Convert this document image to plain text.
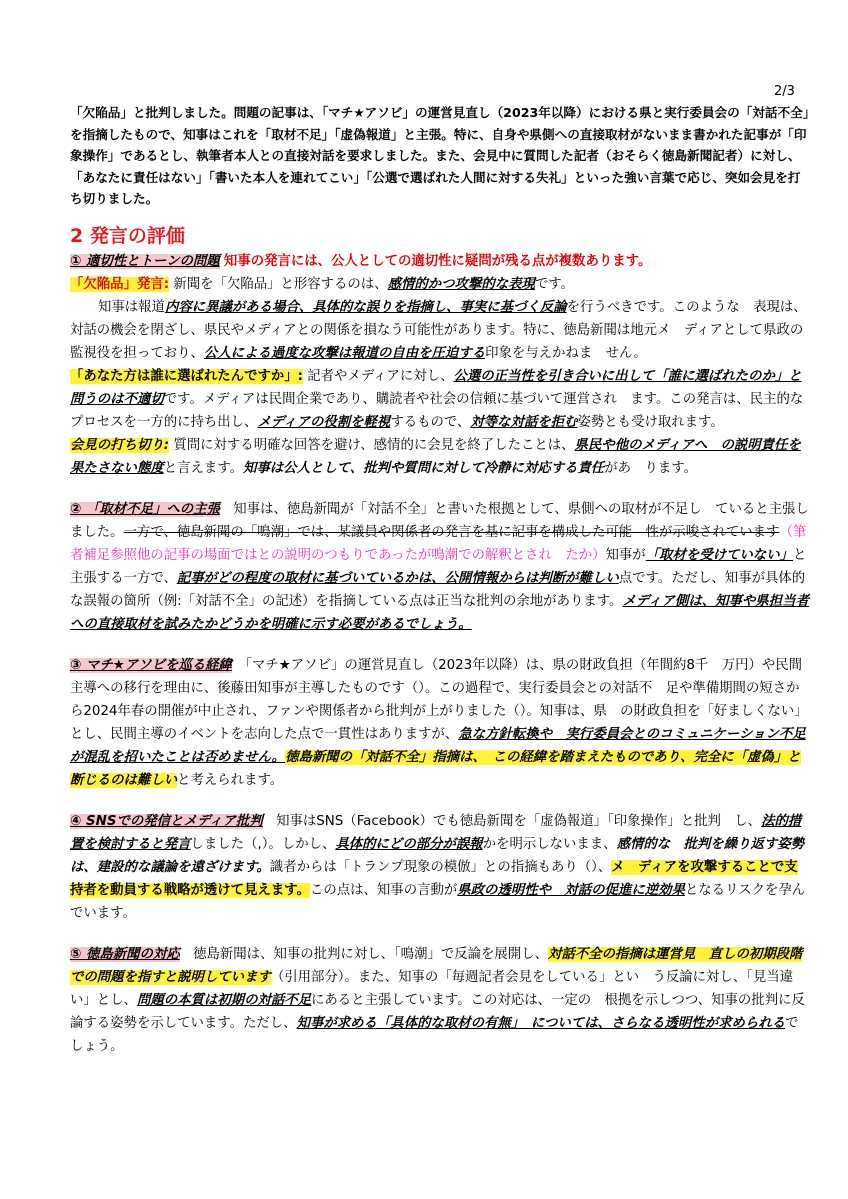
2/3

「欠陥品」と批判しました。問題の記事は、「マチ★アソビ」の運営見直し（2023年以降）における県と実行委員会の「対話不全」を指摘したもので、知事はこれを「取材不足」「虚偽報道」と主張。特に、自身や県側への直接取材がないまま書かれた記事が「印象操作」であるとし、執筆者本人との直接対話を要求しました。また、会見中に質問した記者（おそらく徳島新聞記者）に対し、「あなたに責任はない」「書いた本人を連れてこい」「公選で選ばれた人間に対する失礼」といった強い言葉で応じ、突如会見を打ち切りました。

2 発言の評価

① 適切性とトーンの問題 知事の発言には、公人としての適切性に疑問が残る点が複数あります。

「欠陥品」発言: 新聞を「欠陥品」と形容するのは、感情的かつ攻撃的な表現です。

知事は報道内容に異議がある場合、具体的な誤りを指摘し、事実に基づく反論を行うべきです。このような　表現は、対話の機会を閉ざし、県民やメディアとの関係を損なう可能性があります。特に、徳島新聞は地元メ　ディアとして県政の監視役を担っており、公人による過度な攻撃は報道の自由を圧迫する印象を与えかねま　せん。

「あなた方は誰に選ばれたんですか」: 記者やメディアに対し、公選の正当性を引き合いに出して「誰に選ばれたのか」と問うのは不適切です。メディアは民間企業であり、購読者や社会の信頼に基づいて運営され　ます。この発言は、民主的なプロセスを一方的に持ち出し、メディアの役割を軽視するもので、対等な対話を拒む姿勢とも受け取れます。

会見の打ち切り: 質問に対する明確な回答を避け、感情的に会見を終了したことは、県民や他のメディアへ　の説明責任を果たさない態度と言えます。知事は公人として、批判や質問に対して冷静に対応する責任があ　ります。

② 「取材不足」への主張　知事は、徳島新聞が「対話不全」と書いた根拠として、県側への取材が不足し　ていると主張しました。一方で、徳島新聞の「鳴潮」では、某議員や関係者の発言を基に記事を構成した可能　性が示唆されています（筆者補足参照他の記事の場面ではとの説明のつもりであったが鳴潮での解釈とされ　たか）知事が「取材を受けていない」と主張する一方で、記事がどの程度の取材に基づいているかは、公開情報からは判断が難しい点です。ただし、知事が具体的な誤報の箇所（例:「対話不全」の記述）を指摘している点は正当な批判の余地があります。メディア側は、知事や県担当者への直接取材を試みたかどうかを明確に示す必要があるでしょう。

③ マチ★アソビを巡る経緯　「マチ★アソビ」の運営見直し（2023年以降）は、県の財政負担（年間約8千　万円）や民間主導への移行を理由に、後藤田知事が主導したものです（）。この過程で、実行委員会との対話不　足や準備期間の短さから2024年春の開催が中止され、ファンや関係者から批判が上がりました（）。知事は、県　の財政負担を「好ましくない」とし、民間主導のイベントを志向した点で一貫性はありますが、急な方針転換や　実行委員会とのコミュニケーション不足が混乱を招いたことは否めません。徳島新聞の「対話不全」指摘は、　この経緯を踏まえたものであり、完全に「虚偽」と断じるのは難しいと考えられます。

④ SNSでの発信とメディア批判　知事はSNS（Facebook）でも徳島新聞を「虚偽報道」「印象操作」と批判　し、法的措置を検討すると発言しました（,）。しかし、具体的にどの部分が誤報かを明示しないまま、感情的な　批判を繰り返す姿勢は、建設的な議論を遠ざけます。識者からは「トランプ現象の模倣」との指摘もあり（）、メ　ディアを攻撃することで支持者を動員する戦略が透けて見えます。この点は、知事の言動が県政の透明性や　対話の促進に逆効果となるリスクを孕んでいます。

⑤ 徳島新聞の対応　徳島新聞は、知事の批判に対し、「鳴潮」で反論を展開し、対話不全の指摘は運営見　直しの初期段階での問題を指すと説明しています（引用部分）。また、知事の「毎週記者会見をしている」とい　う反論に対し、「見当違い」とし、問題の本質は初期の対話不足にあると主張しています。この対応は、一定の　根拠を示しつつ、知事の批判に反論する姿勢を示しています。ただし、知事が求める「具体的な取材の有無」　については、さらなる透明性が求められるでしょう。
